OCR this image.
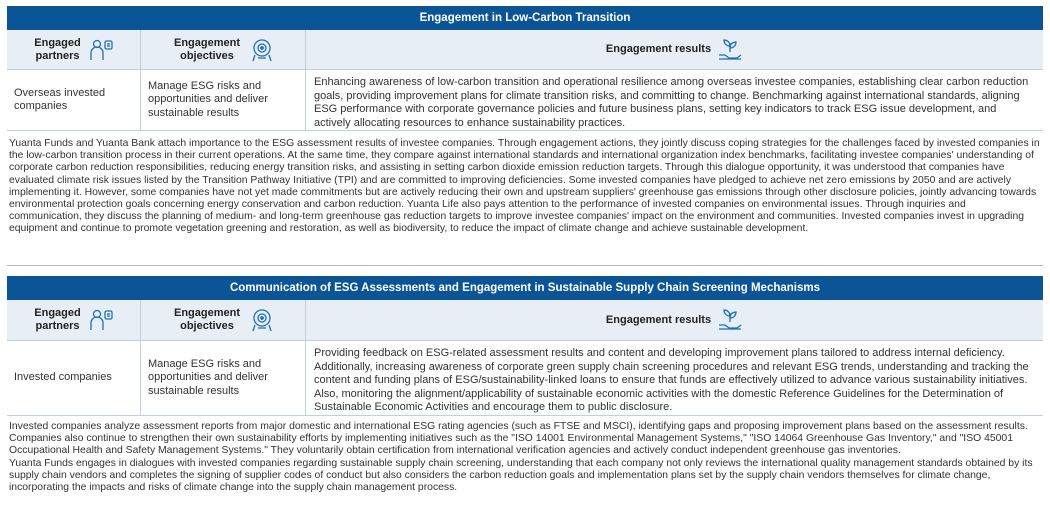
Engagement in Low-Carbon Transition
Engaged partners
Engagement objectives
Engagement results
Overseas invested companies
Manage ESG risks and opportunities and deliver sustainable results
Enhancing awareness of low-carbon transition and operational resilience among overseas investee companies, establishing clear carbon reduction goals, providing improvement plans for climate transition risks, and committing to change. Benchmarking against international standards, aligning ESG performance with corporate governance policies and future business plans, setting key indicators to track ESG issue development, and actively allocating resources to enhance sustainability practices.
Yuanta Funds and Yuanta Bank attach importance to the ESG assessment results of investee companies. Through engagement actions, they jointly discuss coping strategies for the challenges faced by invested companies in the low-carbon transition process in their current operations. At the same time, they compare against international standards and international organization index benchmarks, facilitating investee companies' understanding of corporate carbon reduction responsibilities, reducing energy transition risks, and assisting in setting carbon dioxide emission reduction targets. Through this dialogue opportunity, it was understood that companies have evaluated climate risk issues listed by the Transition Pathway Initiative (TPI) and are committed to improving deficiencies. Some invested companies have pledged to achieve net zero emissions by 2050 and are actively implementing it. However, some companies have not yet made commitments but are actively reducing their own and upstream suppliers' greenhouse gas emissions through other disclosure policies, jointly advancing towards environmental protection goals concerning energy conservation and carbon reduction. Yuanta Life also pays attention to the performance of invested companies on environmental issues. Through inquiries and communication, they discuss the planning of medium- and long-term greenhouse gas reduction targets to improve investee companies' impact on the environment and communities. Invested companies invest in upgrading equipment and continue to promote vegetation greening and restoration, as well as biodiversity, to reduce the impact of climate change and achieve sustainable development.
Communication of ESG Assessments and Engagement in Sustainable Supply Chain Screening Mechanisms
Engaged partners
Engagement objectives
Engagement results
Invested companies
Manage ESG risks and opportunities and deliver sustainable results
Providing feedback on ESG-related assessment results and content and developing improvement plans tailored to address internal deficiency. Additionally, increasing awareness of corporate green supply chain screening procedures and relevant ESG trends, understanding and tracking the content and funding plans of ESG/sustainability-linked loans to ensure that funds are effectively utilized to advance various sustainability initiatives. Also, monitoring the alignment/applicability of sustainable economic activities with the domestic Reference Guidelines for the Determination of Sustainable Economic Activities and encourage them to public disclosure.
Invested companies analyze assessment reports from major domestic and international ESG rating agencies (such as FTSE and MSCI), identifying gaps and proposing improvement plans based on the assessment results. Companies also continue to strengthen their own sustainability efforts by implementing initiatives such as the "ISO 14001 Environmental Management Systems," "ISO 14064 Greenhouse Gas Inventory," and "ISO 45001 Occupational Health and Safety Management Systems." They voluntarily obtain certification from international verification agencies and actively conduct independent greenhouse gas inventories.
Yuanta Funds engages in dialogues with invested companies regarding sustainable supply chain screening, understanding that each company not only reviews the international quality management standards obtained by its supply chain vendors and completes the signing of supplier codes of conduct but also considers the carbon reduction goals and implementation plans set by the supply chain vendors themselves for climate change, incorporating the impacts and risks of climate change into the supply chain management process.
